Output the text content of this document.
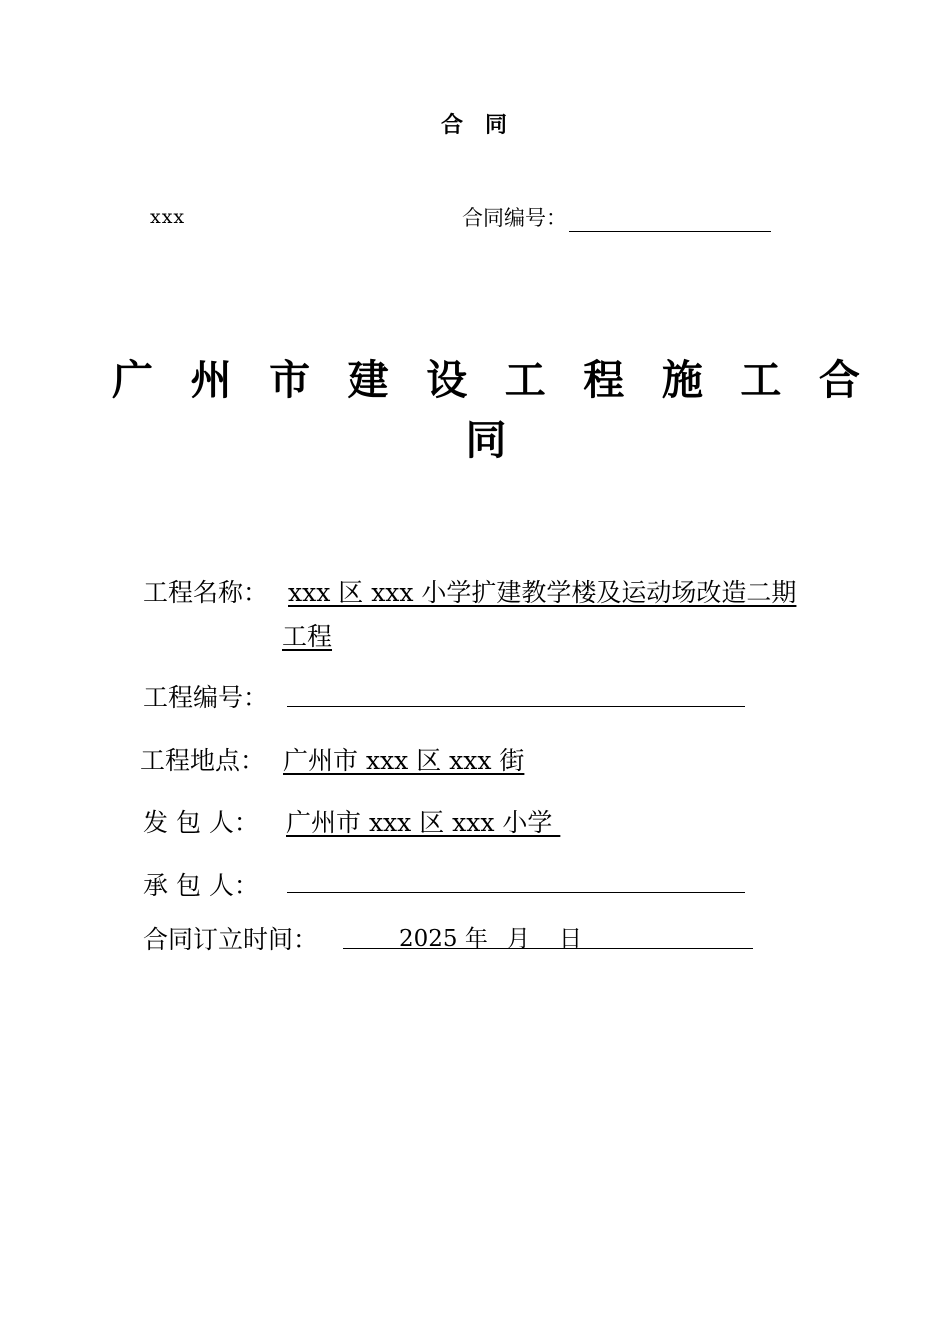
合同
xxx	合同编号：
广 州 市 建 设 工 程 施 工 合
同
工程名称： xxx 区 xxx 小学扩建教学楼及运动场改造二期
工程
工程编号：
工程地点： 广州市 xxx 区 xxx 街
发 包 人： 广州市 xxx 区 xxx 小学
承 包 人：
合同订立时间：	2025 年 月 日
